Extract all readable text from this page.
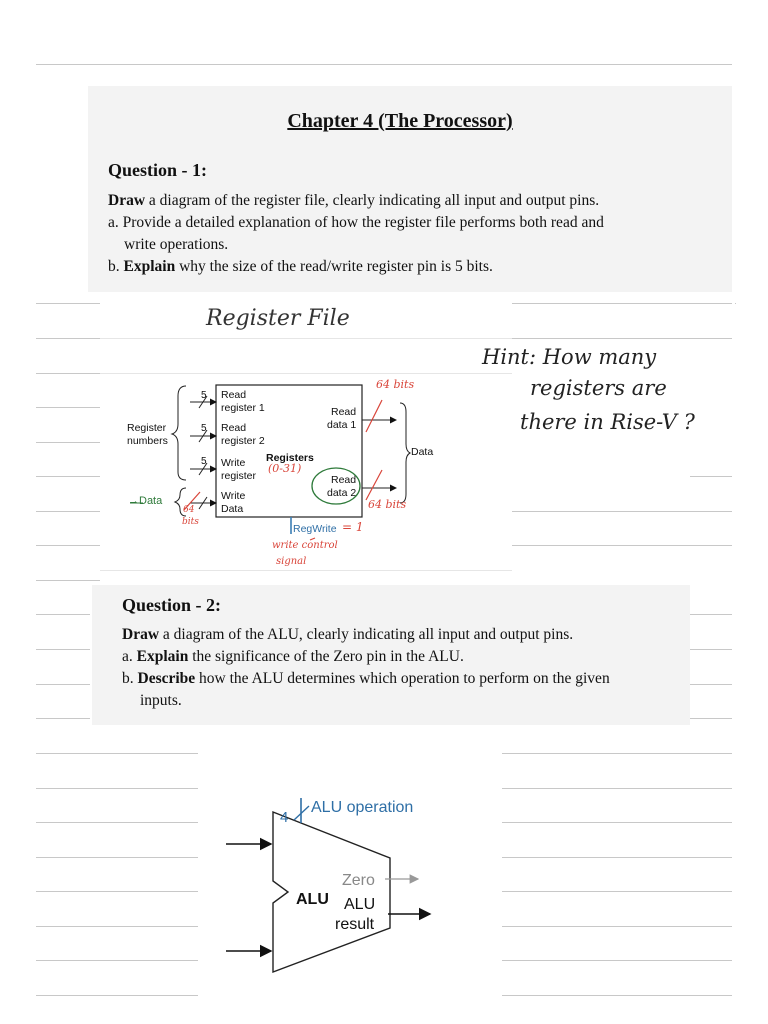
Chapter 4 (The Processor)
Question - 1:
Draw a diagram of the register file, clearly indicating all input and output pins.
a. Provide a detailed explanation of how the register file performs both read and
write operations.
b. Explain why the size of the read/write register pin is 5 bits.
Register File
Hint: How many
registers are
there in Rise-V ?
5
5
5
Read
register 1
Read
register 2
Write
register
Write
Data
Registers
Read
data 1
Read
data 2
Register
numbers
Data
RegWrite
64 bits
64 bits
64
bits
(0-31)
= 1
write control
signal
→Data
Question - 2:
Draw a diagram of the ALU, clearly indicating all input and output pins.
a. Explain the significance of the Zero pin in the ALU.
b. Describe how the ALU determines which operation to perform on the given
inputs.
4
ALU operation
ALU
Zero
ALU
result
